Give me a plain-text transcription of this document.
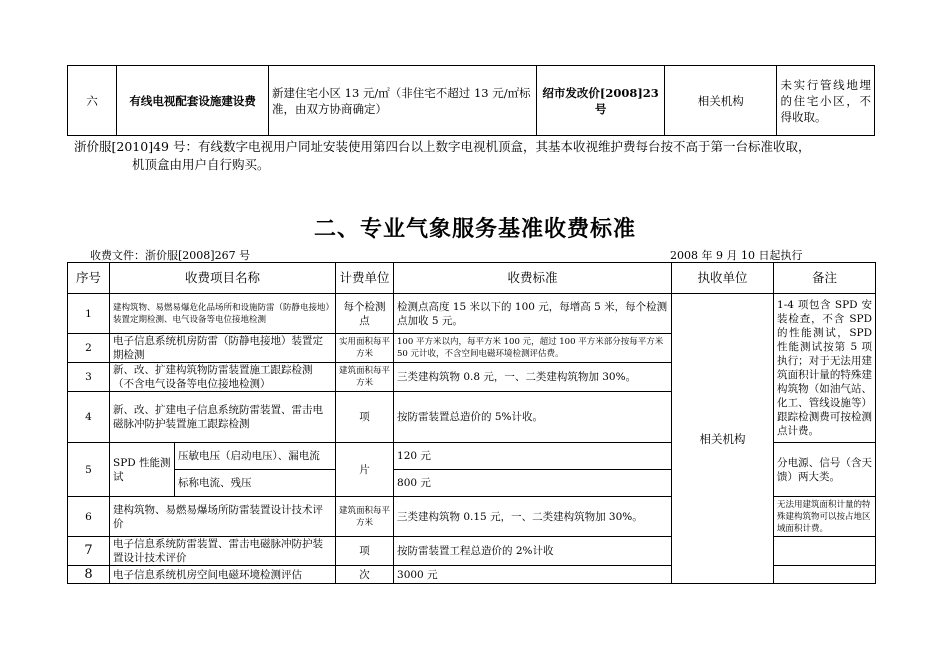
六	有线电视配套设施建设费	新建住宅小区 13 元/㎡（非住宅不超过 13 元/㎡标准，由双方协商确定）	绍市发改价[2008]23 号	相关机构	未实行管线地埋的住宅小区，不得收取。
浙价服[2010]49 号：有线数字电视用户同址安装使用第四台以上数字电视机顶盒，其基本收视维护费每台按不高于第一台标准收取，
机顶盒由用户自行购买。
二、专业气象服务基准收费标准
收费文件：浙价服[2008]267 号	2008 年 9 月 10 日起执行
序号	收费项目名称		计费单位	收费标准	执收单位	备注
1	建构筑物、易燃易爆危化品场所和设施防雷（防静电接地）装置定期检测、电气设备等电位接地检测		每个检测点	检测点高度 15 米以下的 100 元，每增高 5 米，每个检测点加收 5 元。	相关机构	1-4 项包含 SPD 安装检查，不含 SPD 的性能测试，SPD 性能测试按第 5 项执行；对于无法用建筑面积计量的特殊建构筑物（如油气站、化工、管线设施等）跟踪检测费可按检测点计费。
2	电子信息系统机房防雷（防静电接地）装置定期检测		实用面积每平方米	100 平方米以内，每平方米 100 元，超过 100 平方米部分按每平方米 50 元计收，不含空间电磁环境检测评估费。		
3	新、改、扩建构筑物防雷装置施工跟踪检测（不含电气设备等电位接地检测）		建筑面积每平方米	三类建构筑物 0.8 元，一、二类建构筑物加 30%。		
4	新、改、扩建电子信息系统防雷装置、雷击电磁脉冲防护装置施工跟踪检测		项	按防雷装置总造价的 5%计收。		
5	SPD 性能测试	压敏电压（启动电压）、漏电流	片	120 元		分电源、信号（含天馈）两大类。
		标称电流、残压		800 元		
6	建构筑物、易燃易爆场所防雷装置设计技术评价		建筑面积每平方米	三类建构筑物 0.15 元，一、二类建构筑物加 30%。		无法用建筑面积计量的特殊建构筑物可以按占地区域面积计费。
7	电子信息系统防雷装置、雷击电磁脉冲防护装置设计技术评价		项	按防雷装置工程总造价的 2%计收		
8	电子信息系统机房空间电磁环境检测评估		次	3000 元		
